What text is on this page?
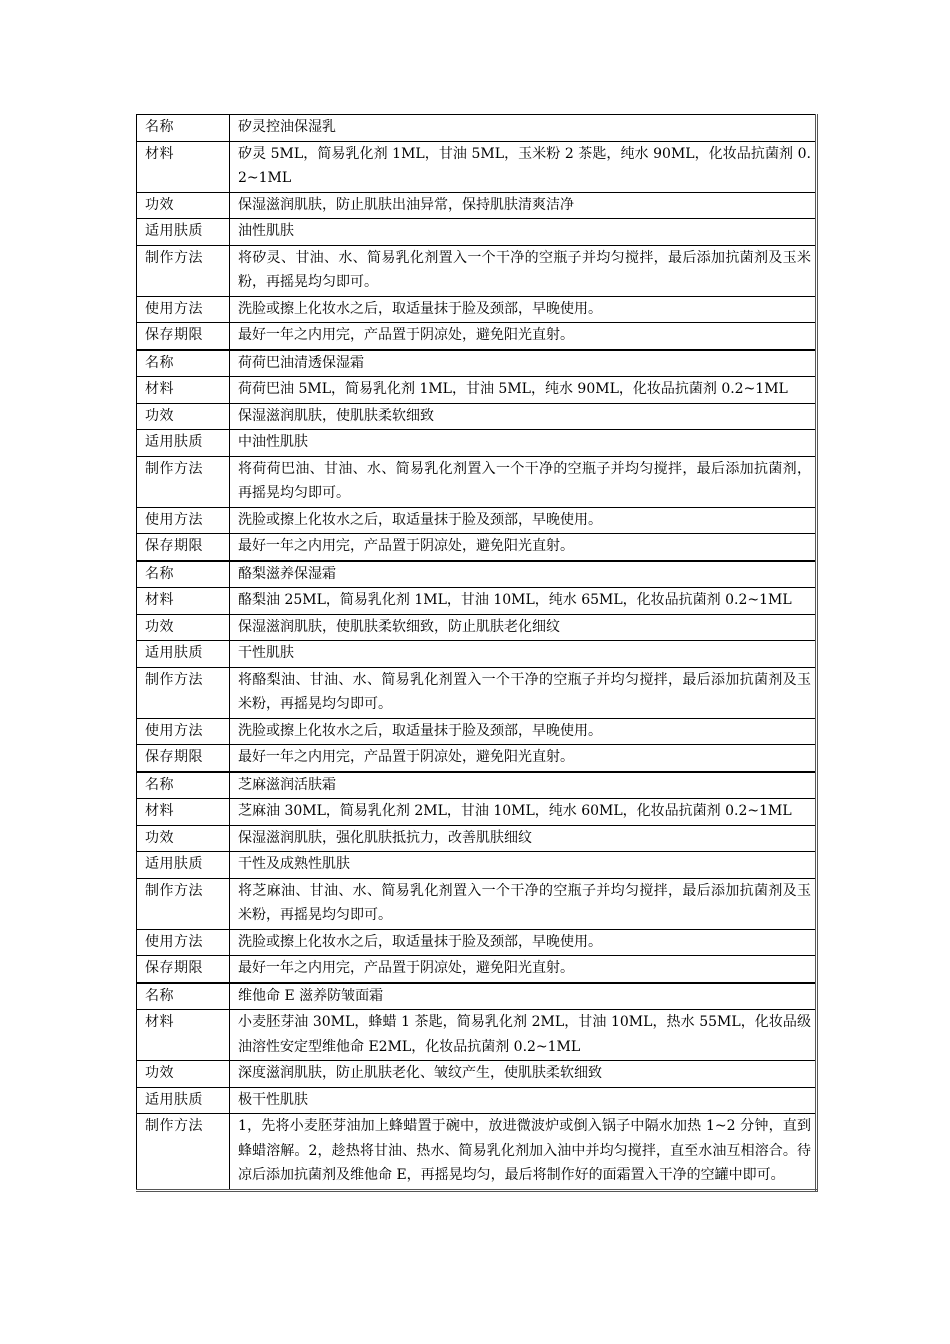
名称	矽灵控油保湿乳
材料	矽灵 5ML，简易乳化剂 1ML，甘油 5ML，玉米粉 2 茶匙，纯水 90ML，化妆品抗菌剂 0.2~1ML
功效	保湿滋润肌肤，防止肌肤出油异常，保持肌肤清爽洁净
适用肤质	油性肌肤
制作方法	将矽灵、甘油、水、简易乳化剂置入一个干净的空瓶子并均匀搅拌，最后添加抗菌剂及玉米粉，再摇晃均匀即可。
使用方法	洗脸或擦上化妆水之后，取适量抹于脸及颈部，早晚使用。
保存期限	最好一年之内用完，产品置于阴凉处，避免阳光直射。
名称	荷荷巴油清透保湿霜
材料	荷荷巴油 5ML，简易乳化剂 1ML，甘油 5ML，纯水 90ML，化妆品抗菌剂 0.2~1ML
功效	保湿滋润肌肤，使肌肤柔软细致
适用肤质	中油性肌肤
制作方法	将荷荷巴油、甘油、水、简易乳化剂置入一个干净的空瓶子并均匀搅拌，最后添加抗菌剂，再摇晃均匀即可。
使用方法	洗脸或擦上化妆水之后，取适量抹于脸及颈部，早晚使用。
保存期限	最好一年之内用完，产品置于阴凉处，避免阳光直射。
名称	酪梨滋养保湿霜
材料	酪梨油 25ML，简易乳化剂 1ML，甘油 10ML，纯水 65ML，化妆品抗菌剂 0.2~1ML
功效	保湿滋润肌肤，使肌肤柔软细致，防止肌肤老化细纹
适用肤质	干性肌肤
制作方法	将酪梨油、甘油、水、简易乳化剂置入一个干净的空瓶子并均匀搅拌，最后添加抗菌剂及玉米粉，再摇晃均匀即可。
使用方法	洗脸或擦上化妆水之后，取适量抹于脸及颈部，早晚使用。
保存期限	最好一年之内用完，产品置于阴凉处，避免阳光直射。
名称	芝麻滋润活肤霜
材料	芝麻油 30ML，简易乳化剂 2ML，甘油 10ML，纯水 60ML，化妆品抗菌剂 0.2~1ML
功效	保湿滋润肌肤，强化肌肤抵抗力，改善肌肤细纹
适用肤质	干性及成熟性肌肤
制作方法	将芝麻油、甘油、水、简易乳化剂置入一个干净的空瓶子并均匀搅拌，最后添加抗菌剂及玉米粉，再摇晃均匀即可。
使用方法	洗脸或擦上化妆水之后，取适量抹于脸及颈部，早晚使用。
保存期限	最好一年之内用完，产品置于阴凉处，避免阳光直射。
名称	维他命 E 滋养防皱面霜
材料	小麦胚芽油 30ML，蜂蜡 1 茶匙，简易乳化剂 2ML，甘油 10ML，热水 55ML，化妆品级油溶性安定型维他命 E2ML，化妆品抗菌剂 0.2~1ML
功效	深度滋润肌肤，防止肌肤老化、皱纹产生，使肌肤柔软细致
适用肤质	极干性肌肤
制作方法	1，先将小麦胚芽油加上蜂蜡置于碗中，放进微波炉或倒入锅子中隔水加热 1~2 分钟，直到蜂蜡溶解。2，趁热将甘油、热水、简易乳化剂加入油中并均匀搅拌，直至水油互相溶合。待凉后添加抗菌剂及维他命 E，再摇晃均匀，最后将制作好的面霜置入干净的空罐中即可。
